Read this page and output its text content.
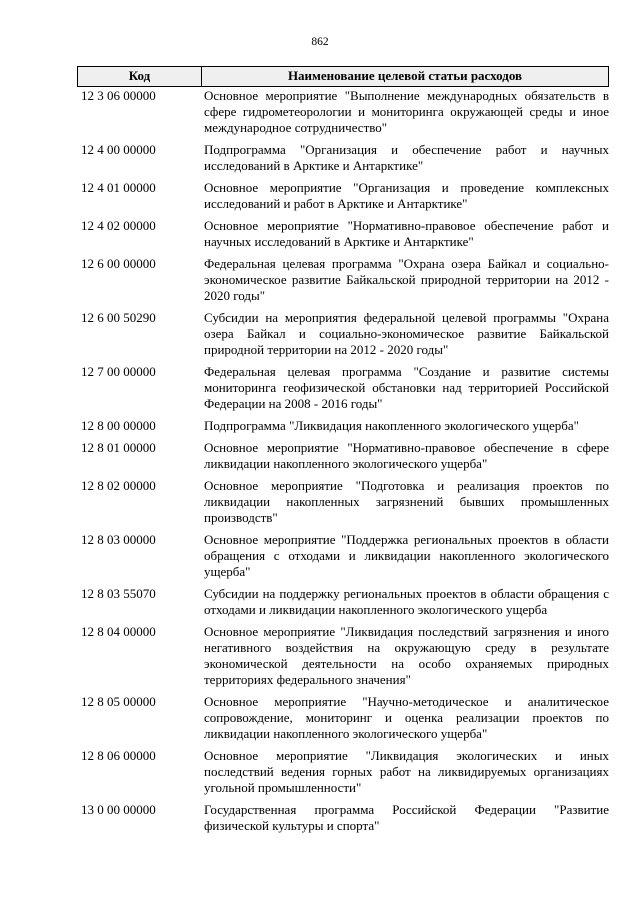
862
Код	Наименование целевой статьи расходов
12 3 06 00000	Основное мероприятие "Выполнение международных обязательств в сфере гидрометеорологии и мониторинга окружающей среды и иное международное сотрудничество"
12 4 00 00000	Подпрограмма "Организация и обеспечение работ и научных исследований в Арктике и Антарктике"
12 4 01 00000	Основное мероприятие "Организация и проведение комплексных исследований и работ в Арктике и Антарктике"
12 4 02 00000	Основное мероприятие "Нормативно-правовое обеспечение работ и научных исследований в Арктике и Антарктике"
12 6 00 00000	Федеральная целевая программа "Охрана озера Байкал и социально-экономическое развитие Байкальской природной территории на 2012 - 2020 годы"
12 6 00 50290	Субсидии на мероприятия федеральной целевой программы "Охрана озера Байкал и социально-экономическое развитие Байкальской природной территории на 2012 - 2020 годы"
12 7 00 00000	Федеральная целевая программа "Создание и развитие системы мониторинга геофизической обстановки над территорией Российской Федерации на 2008 - 2016 годы"
12 8 00 00000	Подпрограмма "Ликвидация накопленного экологического ущерба"
12 8 01 00000	Основное мероприятие "Нормативно-правовое обеспечение в сфере ликвидации накопленного экологического ущерба"
12 8 02 00000	Основное мероприятие "Подготовка и реализация проектов по ликвидации накопленных загрязнений бывших промышленных производств"
12 8 03 00000	Основное мероприятие "Поддержка региональных проектов в области обращения с отходами и ликвидации накопленного экологического ущерба"
12 8 03 55070	Субсидии на поддержку региональных проектов в области обращения с отходами и ликвидации накопленного экологического ущерба
12 8 04 00000	Основное мероприятие "Ликвидация последствий загрязнения и иного негативного воздействия на окружающую среду в результате экономической деятельности на особо охраняемых природных территориях федерального значения"
12 8 05 00000	Основное мероприятие "Научно-методическое и аналитическое сопровождение, мониторинг и оценка реализации проектов по ликвидации накопленного экологического ущерба"
12 8 06 00000	Основное мероприятие "Ликвидация экологических и иных последствий ведения горных работ на ликвидируемых организациях угольной промышленности"
13 0 00 00000	Государственная программа Российской Федерации "Развитие физической культуры и спорта"
